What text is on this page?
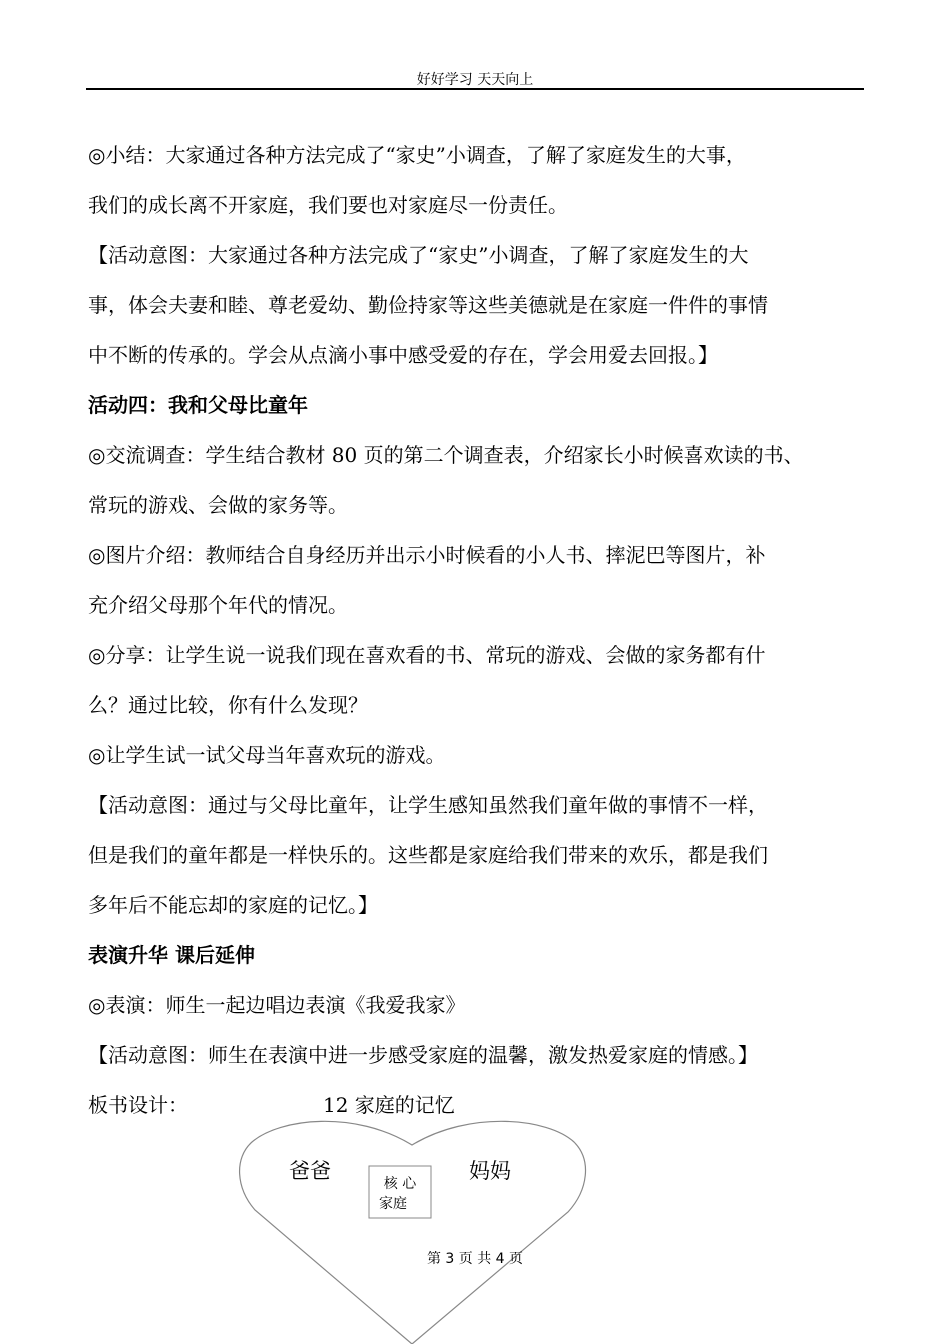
好好学习 天天向上
◎小结：大家通过各种方法完成了“家史”小调查，了解了家庭发生的大事，
我们的成长离不开家庭，我们要也对家庭尽一份责任。
【活动意图：大家通过各种方法完成了“家史”小调查，了解了家庭发生的大
事，体会夫妻和睦、尊老爱幼、勤俭持家等这些美德就是在家庭一件件的事情
中不断的传承的。学会从点滴小事中感受爱的存在，学会用爱去回报。】
活动四：我和父母比童年
◎交流调查：学生结合教材 80 页的第二个调查表，介绍家长小时候喜欢读的书、
常玩的游戏、会做的家务等。
◎图片介绍：教师结合自身经历并出示小时候看的小人书、摔泥巴等图片，补
充介绍父母那个年代的情况。
◎分享：让学生说一说我们现在喜欢看的书、常玩的游戏、会做的家务都有什
么？通过比较，你有什么发现？
◎让学生试一试父母当年喜欢玩的游戏。
【活动意图：通过与父母比童年，让学生感知虽然我们童年做的事情不一样，
但是我们的童年都是一样快乐的。这些都是家庭给我们带来的欢乐，都是我们
多年后不能忘却的家庭的记忆。】
表演升华 课后延伸
◎表演：师生一起边唱边表演《我爱我家》
【活动意图：师生在表演中进一步感受家庭的温馨，激发热爱家庭的情感。】
板书设计：	12 家庭的记忆
爸爸	妈妈
核 心
家庭
第 3 页 共 4 页
